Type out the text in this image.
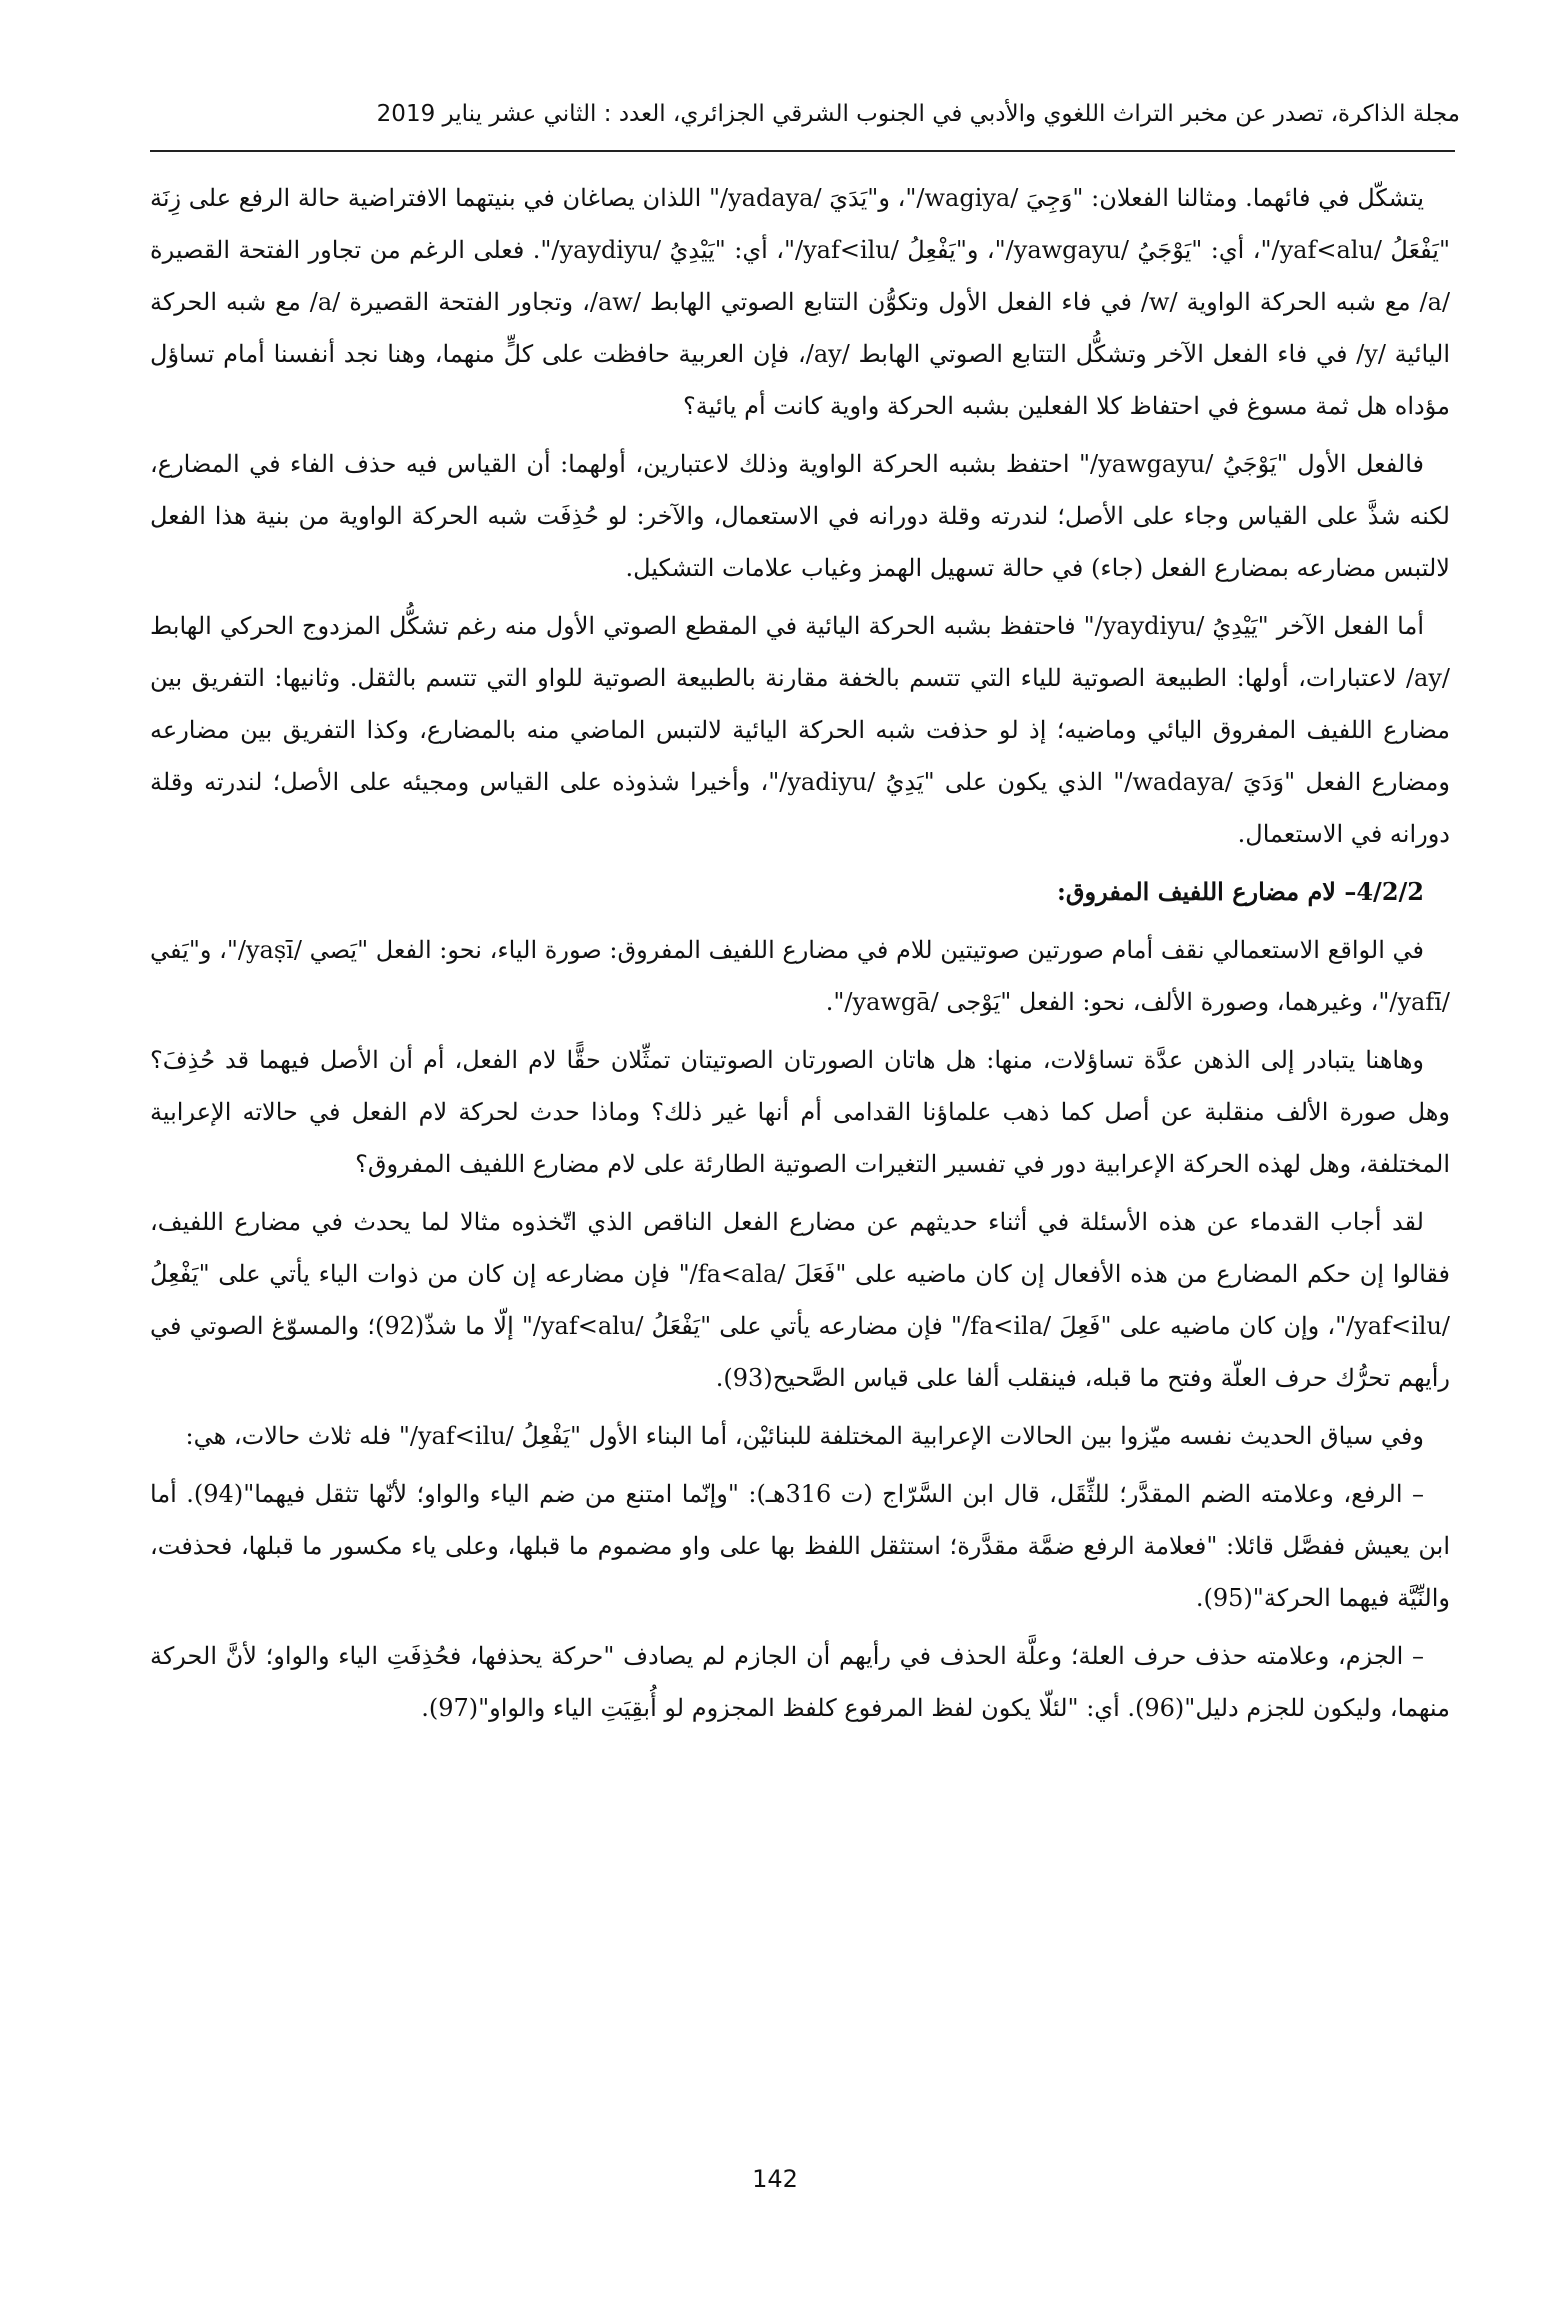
مجلة الذاكرة، تصدر عن مخبر التراث اللغوي والأدبي في الجنوب الشرقي الجزائري، العدد : الثاني عشر يناير 2019

يتشكّل في فائهما. ومثالنا الفعلان: "وَجِيَ /wagiya/"، و"يَدَيَ /yadaya/" اللذان يصاغان في بنيتهما الافتراضية حالة الرفع على زِنَة "يَفْعَلُ /yaf<alu/"، أي: "يَوْجَيُ /yawgayu/"، و"يَفْعِلُ /yaf<ilu/"، أي: "يَيْدِيُ /yaydiyu/". فعلى الرغم من تجاور الفتحة القصيرة /a/ مع شبه الحركة الواوية /w/ في فاء الفعل الأول وتكوُّن التتابع الصوتي الهابط /aw/، وتجاور الفتحة القصيرة /a/ مع شبه الحركة اليائية /y/ في فاء الفعل الآخر وتشكُّل التتابع الصوتي الهابط /ay/، فإن العربية حافظت على كلٍّ منهما، وهنا نجد أنفسنا أمام تساؤل مؤداه هل ثمة مسوغ في احتفاظ كلا الفعلين بشبه الحركة واوية كانت أم يائية؟

فالفعل الأول "يَوْجَيُ /yawgayu/" احتفظ بشبه الحركة الواوية وذلك لاعتبارين، أولهما: أن القياس فيه حذف الفاء في المضارع، لكنه شذَّ على القياس وجاء على الأصل؛ لندرته وقلة دورانه في الاستعمال، والآخر: لو حُذِفَت شبه الحركة الواوية من بنية هذا الفعل لالتبس مضارعه بمضارع الفعل (جاء) في حالة تسهيل الهمز وغياب علامات التشكيل.

أما الفعل الآخر "يَيْدِيُ /yaydiyu/" فاحتفظ بشبه الحركة اليائية في المقطع الصوتي الأول منه رغم تشكُّل المزدوج الحركي الهابط /ay/ لاعتبارات، أولها: الطبيعة الصوتية للياء التي تتسم بالخفة مقارنة بالطبيعة الصوتية للواو التي تتسم بالثقل. وثانيها: التفريق بين مضارع اللفيف المفروق اليائي وماضيه؛ إذ لو حذفت شبه الحركة اليائية لالتبس الماضي منه بالمضارع، وكذا التفريق بين مضارعه ومضارع الفعل "وَدَيَ /wadaya/" الذي يكون على "يَدِيُ /yadiyu/"، وأخيرا شذوذه على القياس ومجيئه على الأصل؛ لندرته وقلة دورانه في الاستعمال.

4/2/2– لام مضارع اللفيف المفروق:

في الواقع الاستعمالي نقف أمام صورتين صوتيتين للام في مضارع اللفيف المفروق: صورة الياء، نحو: الفعل "يَصي /yaṣī/"، و"يَفي /yafī/"، وغيرهما، وصورة الألف، نحو: الفعل "يَوْجى /yawgā/".

وهاهنا يتبادر إلى الذهن عدَّة تساؤلات، منها: هل هاتان الصورتان الصوتيتان تمثِّلان حقًّا لام الفعل، أم أن الأصل فيهما قد حُذِفَ؟ وهل صورة الألف منقلبة عن أصل كما ذهب علماؤنا القدامى أم أنها غير ذلك؟ وماذا حدث لحركة لام الفعل في حالاته الإعرابية المختلفة، وهل لهذه الحركة الإعرابية دور في تفسير التغيرات الصوتية الطارئة على لام مضارع اللفيف المفروق؟

لقد أجاب القدماء عن هذه الأسئلة في أثناء حديثهم عن مضارع الفعل الناقص الذي اتّخذوه مثالا لما يحدث في مضارع اللفيف، فقالوا إن حكم المضارع من هذه الأفعال إن كان ماضيه على "فَعَلَ /fa<ala/" فإن مضارعه إن كان من ذوات الياء يأتي على "يَفْعِلُ /yaf<ilu/"، وإن كان ماضيه على "فَعِلَ /fa<ila/" فإن مضارعه يأتي على "يَفْعَلُ /yaf<alu/" إلّا ما شذّ(92)؛ والمسوّغ الصوتي في رأيهم تحرُّك حرف العلّة وفتح ما قبله، فينقلب ألفا على قياس الصَّحيح(93).

وفي سياق الحديث نفسه ميّزوا بين الحالات الإعرابية المختلفة للبنائيْن، أما البناء الأول "يَفْعِلُ /yaf<ilu/" فله ثلاث حالات، هي:

– الرفع، وعلامته الضم المقدَّر؛ للثِّقَل، قال ابن السَّرّاج (ت 316هـ): "وإنّما امتنع من ضم الياء والواو؛ لأنّها تثقل فيهما"(94). أما ابن يعيش ففصَّل قائلا: "فعلامة الرفع ضمَّة مقدَّرة؛ استثقل اللفظ بها على واو مضموم ما قبلها، وعلى ياء مكسور ما قبلها، فحذفت، والنِّيَّة فيهما الحركة"(95).

– الجزم، وعلامته حذف حرف العلة؛ وعلَّة الحذف في رأيهم أن الجازم لم يصادف "حركة يحذفها، فحُذِفَتِ الياء والواو؛ لأنَّ الحركة منهما، وليكون للجزم دليل"(96). أي: "لئلّا يكون لفظ المرفوع كلفظ المجزوم لو أُبقِيَتِ الياء والواو"(97).

142
